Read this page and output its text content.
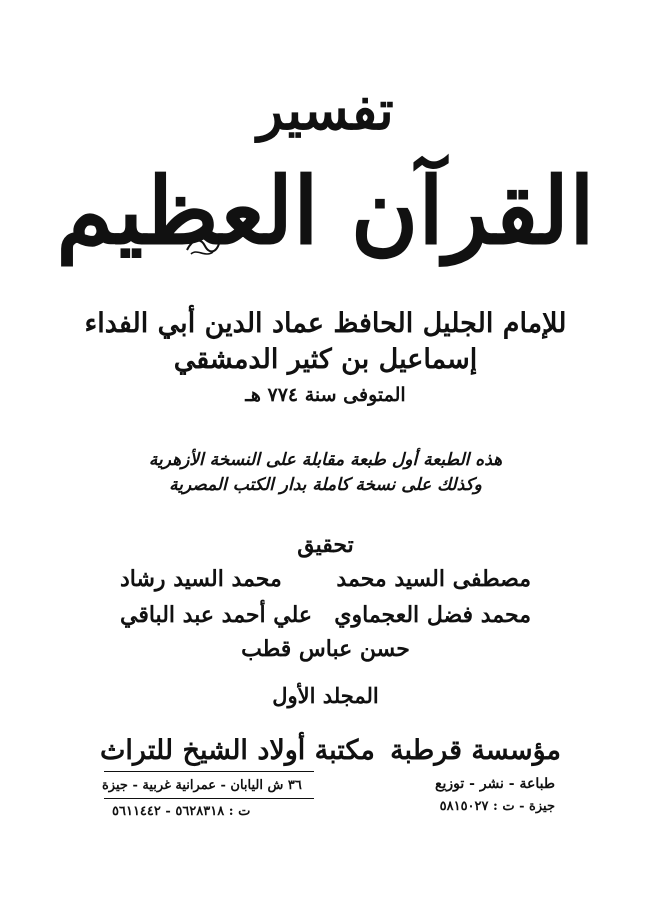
تفسير
القرآن العظيم
للإمام الجليل الحافظ عماد الدين أبي الفداء
إسماعيل بن كثير الدمشقي
المتوفى سنة ٧٧٤ هـ
هذه الطبعة أول طبعة مقابلة على النسخة الأزهرية
وكذلك على نسخة كاملة بدار الكتب المصرية
تحقيق
مصطفى السيد محمد
محمد السيد رشاد
محمد فضل العجماوي
علي أحمد عبد الباقي
حسن عباس قطب
المجلد الأول
مكتبة أولاد الشيخ للتراث
٣٦ ش اليابان - عمرانية غربية - جيزة
ت : ٥٦٢٨٣١٨ - ٥٦١١٤٤٢
مؤسسة قرطبة
طباعة - نشر - توزيع
جيزة - ت : ٥٨١٥٠٢٧
